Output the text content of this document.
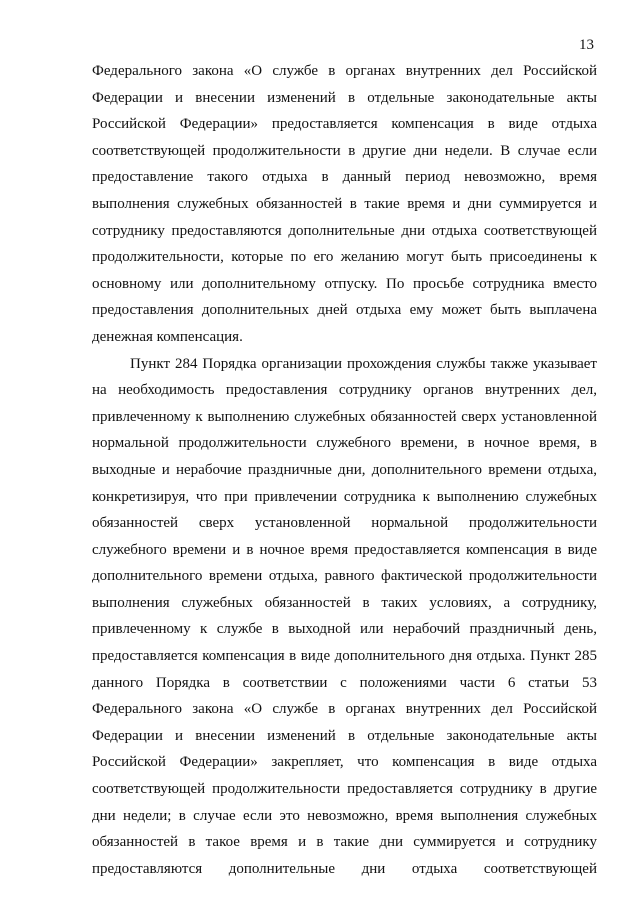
13
Федерального закона «О службе в органах внутренних дел Российской
Федерации и внесении изменений в отдельные законодательные акты
Российской Федерации» предоставляется компенсация в виде отдыха
соответствующей продолжительности в другие дни недели. В случае если
предоставление такого отдыха в данный период невозможно, время
выполнения служебных обязанностей в такие время и дни суммируется и
сотруднику предоставляются дополнительные дни отдыха соответствующей
продолжительности, которые по его желанию могут быть присоединены к
основному или дополнительному отпуску. По просьбе сотрудника вместо
предоставления дополнительных дней отдыха ему может быть выплачена
денежная компенсация.
Пункт 284 Порядка организации прохождения службы также указывает
на необходимость предоставления сотруднику органов внутренних дел,
привлеченному к выполнению служебных обязанностей сверх установленной
нормальной продолжительности служебного времени, в ночное время, в
выходные и нерабочие праздничные дни, дополнительного времени отдыха,
конкретизируя, что при привлечении сотрудника к выполнению служебных
обязанностей сверх установленной нормальной продолжительности
служебного времени и в ночное время предоставляется компенсация в виде
дополнительного времени отдыха, равного фактической продолжительности
выполнения служебных обязанностей в таких условиях, а сотруднику,
привлеченному к службе в выходной или нерабочий праздничный день,
предоставляется компенсация в виде дополнительного дня отдыха. Пункт 285
данного Порядка в соответствии с положениями части 6 статьи 53
Федерального закона «О службе в органах внутренних дел Российской
Федерации и внесении изменений в отдельные законодательные акты
Российской Федерации» закрепляет, что компенсация в виде отдыха
соответствующей продолжительности предоставляется сотруднику в другие
дни недели; в случае если это невозможно, время выполнения служебных
обязанностей в такое время и в такие дни суммируется и сотруднику
предоставляются дополнительные дни отдыха соответствующей
